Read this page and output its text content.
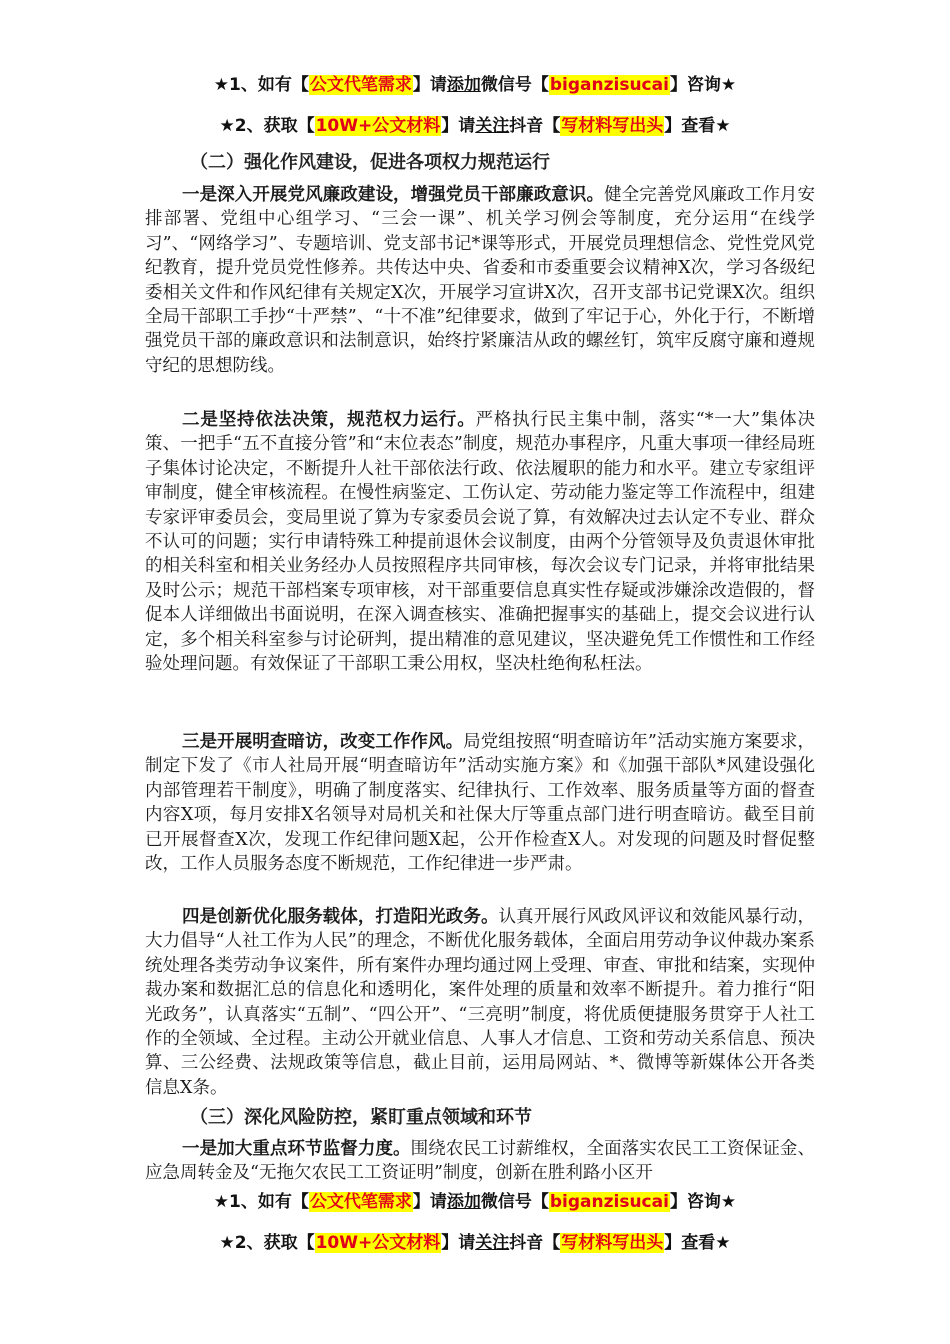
★1、如有【公文代笔需求】请添加微信号【biganzisucai】咨询★
★2、获取【10W+公文材料】请关注抖音【写材料写出头】查看★
（二）强化作风建设，促进各项权力规范运行
一是深入开展党风廉政建设，增强党员干部廉政意识。健全完善党风廉政工作月安排部署、党组中心组学习、“三会一课”、机关学习例会等制度，充分运用“在线学习”、“网络学习”、专题培训、党支部书记*课等形式，开展党员理想信念、党性党风党纪教育，提升党员党性修养。共传达中央、省委和市委重要会议精神X次，学习各级纪委相关文件和作风纪律有关规定X次，开展学习宣讲X次，召开支部书记党课X次。组织全局干部职工手抄“十严禁”、“十不准”纪律要求，做到了牢记于心，外化于行，不断增强党员干部的廉政意识和法制意识，始终拧紧廉洁从政的螺丝钉，筑牢反腐守廉和遵规守纪的思想防线。
二是坚持依法决策，规范权力运行。严格执行民主集中制，落实“*一大”集体决策、一把手“五不直接分管”和“末位表态”制度，规范办事程序，凡重大事项一律经局班子集体讨论决定，不断提升人社干部依法行政、依法履职的能力和水平。建立专家组评审制度，健全审核流程。在慢性病鉴定、工伤认定、劳动能力鉴定等工作流程中，组建专家评审委员会，变局里说了算为专家委员会说了算，有效解决过去认定不专业、群众不认可的问题；实行申请特殊工种提前退休会议制度，由两个分管领导及负责退休审批的相关科室和相关业务经办人员按照程序共同审核，每次会议专门记录，并将审批结果及时公示；规范干部档案专项审核，对干部重要信息真实性存疑或涉嫌涂改造假的，督促本人详细做出书面说明，在深入调查核实、准确把握事实的基础上，提交会议进行认定，多个相关科室参与讨论研判，提出精准的意见建议，坚决避免凭工作惯性和工作经验处理问题。有效保证了干部职工秉公用权，坚决杜绝徇私枉法。
三是开展明查暗访，改变工作作风。局党组按照“明查暗访年”活动实施方案要求，制定下发了《市人社局开展“明查暗访年”活动实施方案》和《加强干部队*风建设强化内部管理若干制度》，明确了制度落实、纪律执行、工作效率、服务质量等方面的督查内容X项，每月安排X名领导对局机关和社保大厅等重点部门进行明查暗访。截至目前已开展督查X次，发现工作纪律问题X起，公开作检查X人。对发现的问题及时督促整改，工作人员服务态度不断规范，工作纪律进一步严肃。
四是创新优化服务载体，打造阳光政务。认真开展行风政风评议和效能风暴行动，大力倡导“人社工作为人民”的理念，不断优化服务载体，全面启用劳动争议仲裁办案系统处理各类劳动争议案件，所有案件办理均通过网上受理、审查、审批和结案，实现仲裁办案和数据汇总的信息化和透明化，案件处理的质量和效率不断提升。着力推行“阳光政务”，认真落实“五制”、“四公开”、“三亮明”制度，将优质便捷服务贯穿于人社工作的全领域、全过程。主动公开就业信息、人事人才信息、工资和劳动关系信息、预决算、三公经费、法规政策等信息，截止目前，运用局网站、*、微博等新媒体公开各类信息X条。
（三）深化风险防控，紧盯重点领域和环节
一是加大重点环节监督力度。围绕农民工讨薪维权，全面落实农民工工资保证金、应急周转金及“无拖欠农民工工资证明”制度，创新在胜利路小区开
★1、如有【公文代笔需求】请添加微信号【biganzisucai】咨询★
★2、获取【10W+公文材料】请关注抖音【写材料写出头】查看★
